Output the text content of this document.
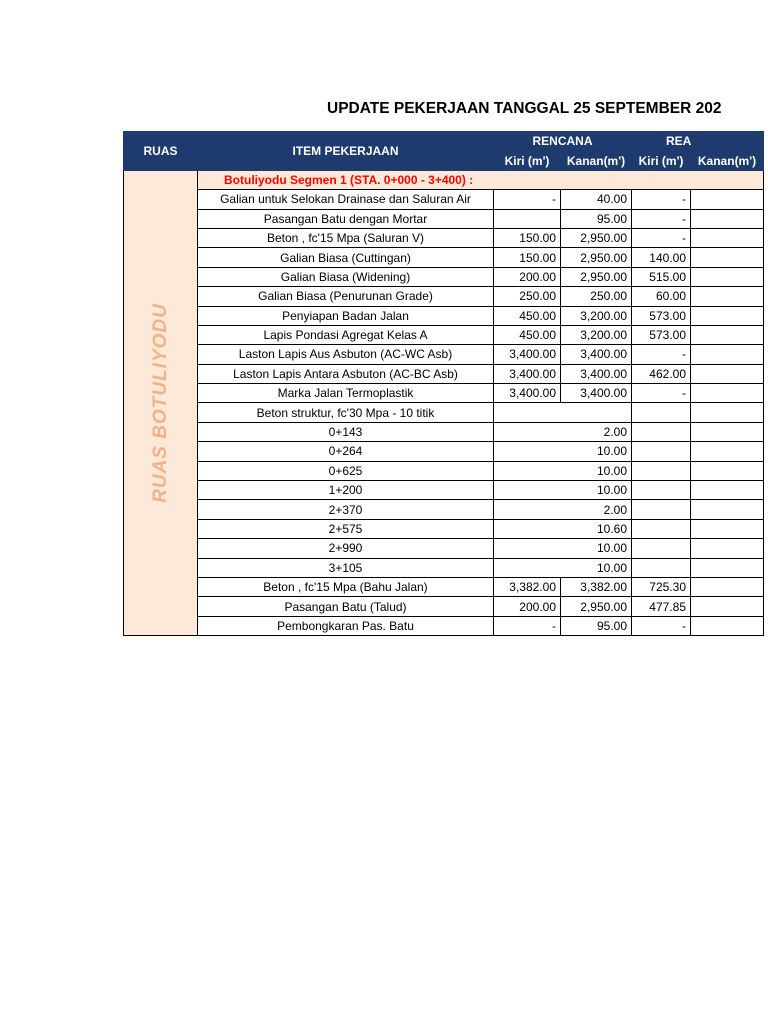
UPDATE PEKERJAAN TANGGAL 25 SEPTEMBER 202
RUAS	ITEM PEKERJAAN	RENCANA		REA	
		Kiri (m')	Kanan(m')	Kiri (m')	Kanan(m')

RUAS BOTULIYODU	Botuliyodu Segmen 1 (STA. 0+000 - 3+400) :				
	Galian untuk Selokan Drainase dan Saluran Air	-	40.00	-	
	Pasangan Batu dengan Mortar		95.00	-	
	Beton , fc'15 Mpa (Saluran V)	150.00	2,950.00	-	
	Galian Biasa (Cuttingan)	150.00	2,950.00	140.00	
	Galian Biasa (Widening)	200.00	2,950.00	515.00	
	Galian Biasa (Penurunan Grade)	250.00	250.00	60.00	
	Penyiapan Badan Jalan	450.00	3,200.00	573.00	
	Lapis Pondasi Agregat Kelas A	450.00	3,200.00	573.00	
	Laston Lapis Aus Asbuton (AC-WC Asb)	3,400.00	3,400.00	-	
	Laston Lapis Antara Asbuton (AC-BC Asb)	3,400.00	3,400.00	462.00	
	Marka Jalan Termoplastik	3,400.00	3,400.00	-	
	Beton struktur, fc'30 Mpa - 10 titik				
	0+143	2.00			
	0+264	10.00			
	0+625	10.00			
	1+200	10.00			
	2+370	2.00			
	2+575	10.60			
	2+990	10.00			
	3+105	10.00			
	Beton , fc'15 Mpa (Bahu Jalan)	3,382.00	3,382.00	725.30	
	Pasangan Batu (Talud)	200.00	2,950.00	477.85	
	Pembongkaran Pas. Batu	-	95.00	-	
